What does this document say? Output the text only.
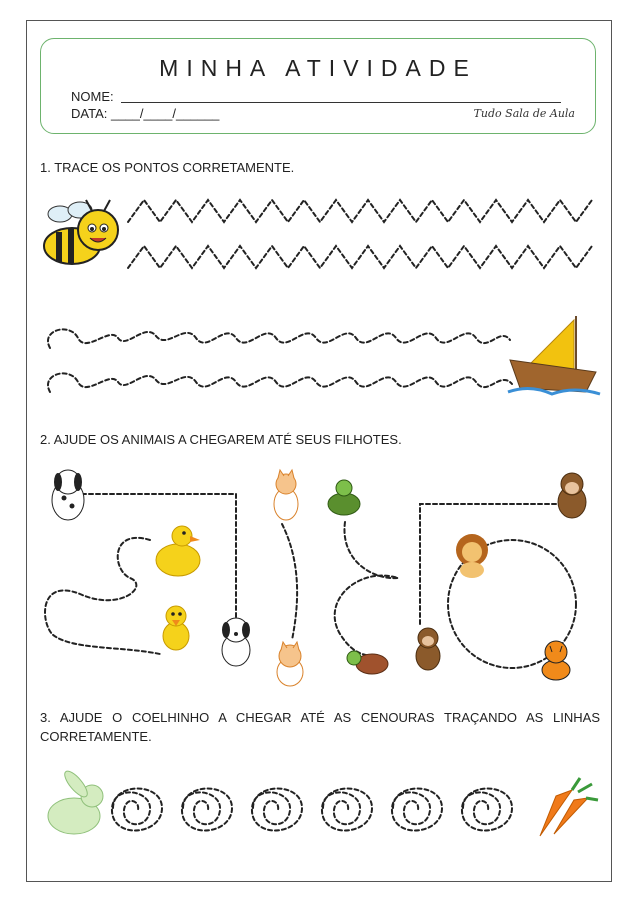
MINHA ATIVIDADE
NOME:
DATA: ____/____/______	Tudo Sala de Aula
1. TRACE OS PONTOS CORRETAMENTE.
2. AJUDE OS ANIMAIS A CHEGAREM ATÉ SEUS FILHOTES.
3. AJUDE O COELHINHO A CHEGAR ATÉ AS CENOURAS TRAÇANDO AS LINHAS CORRETAMENTE.
